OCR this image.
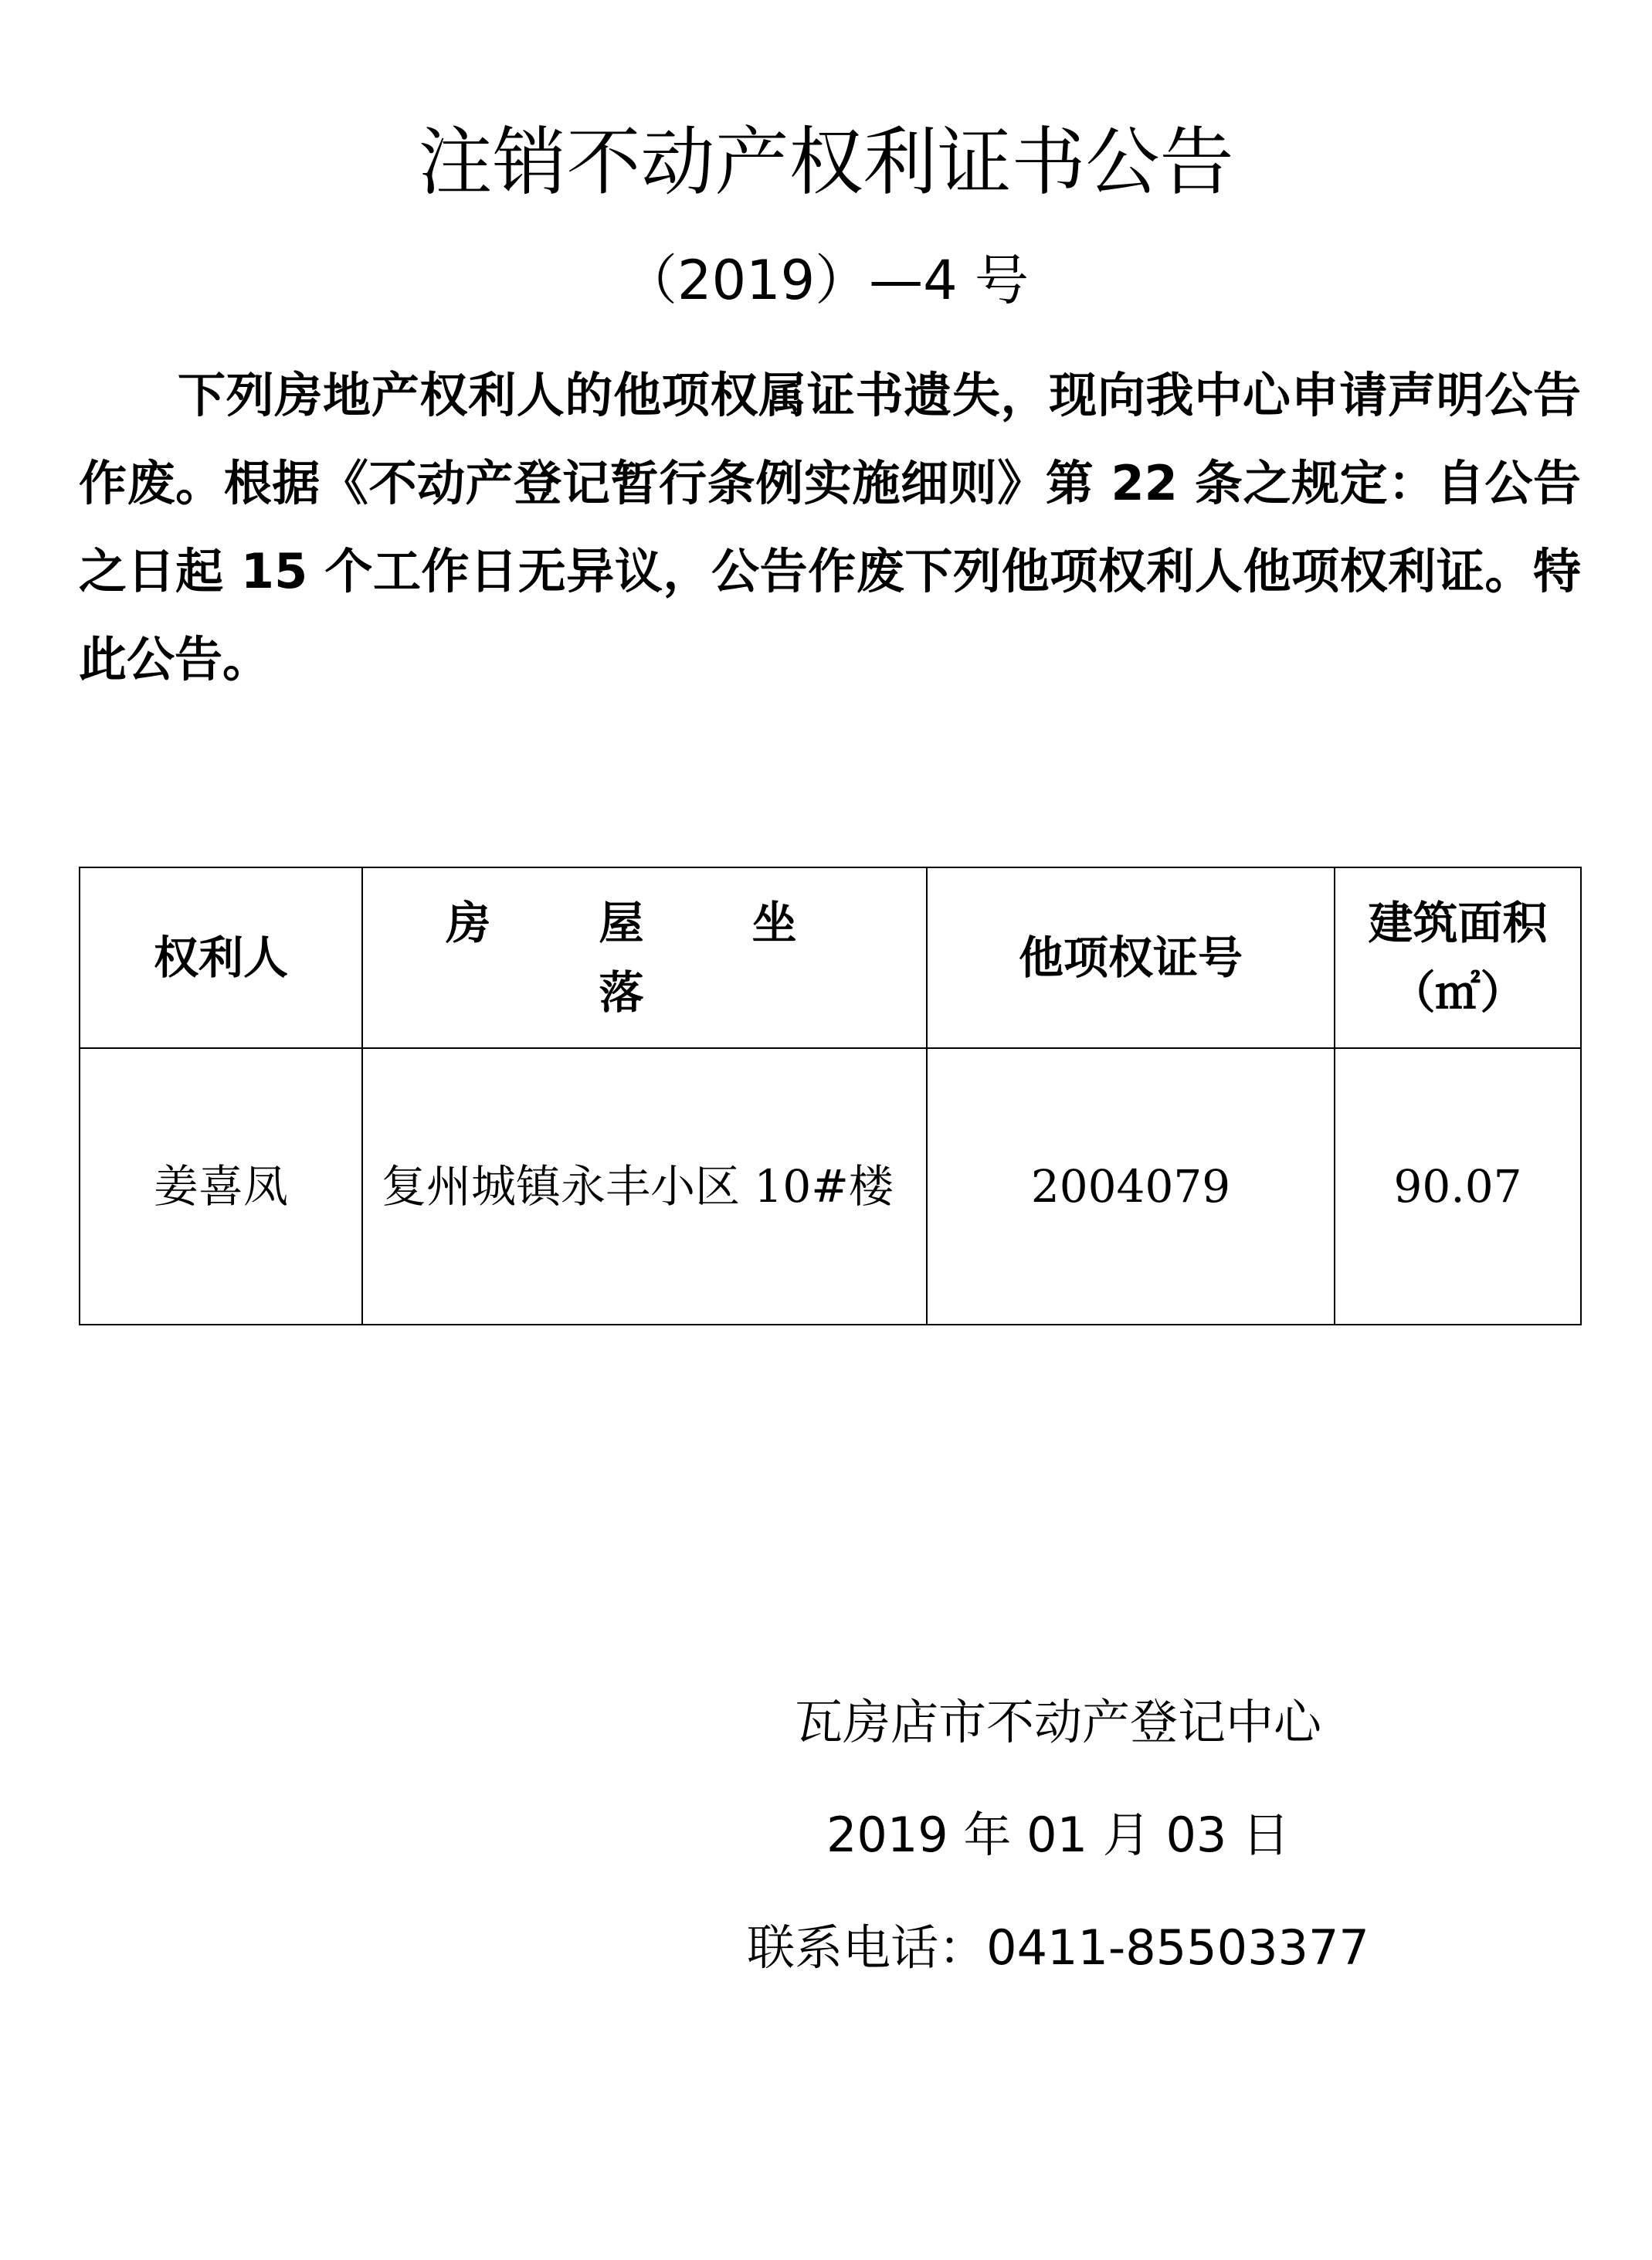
注销不动产权利证书公告
（2019）—4 号

下列房地产权利人的他项权属证书遗失，现向我中心申请声明公告作废。根据《不动产登记暂行条例实施细则》第 22 条之规定：自公告之日起 15 个工作日无异议，公告作废下列他项权利人他项权利证。特此公告。

权利人	房 屋 坐 落	他项权证号	建筑面积（㎡）
姜喜凤	复州城镇永丰小区 10#楼	2004079	90.07
瓦房店市不动产登记中心
2019 年 01 月 03 日
联系电话：0411-85503377
